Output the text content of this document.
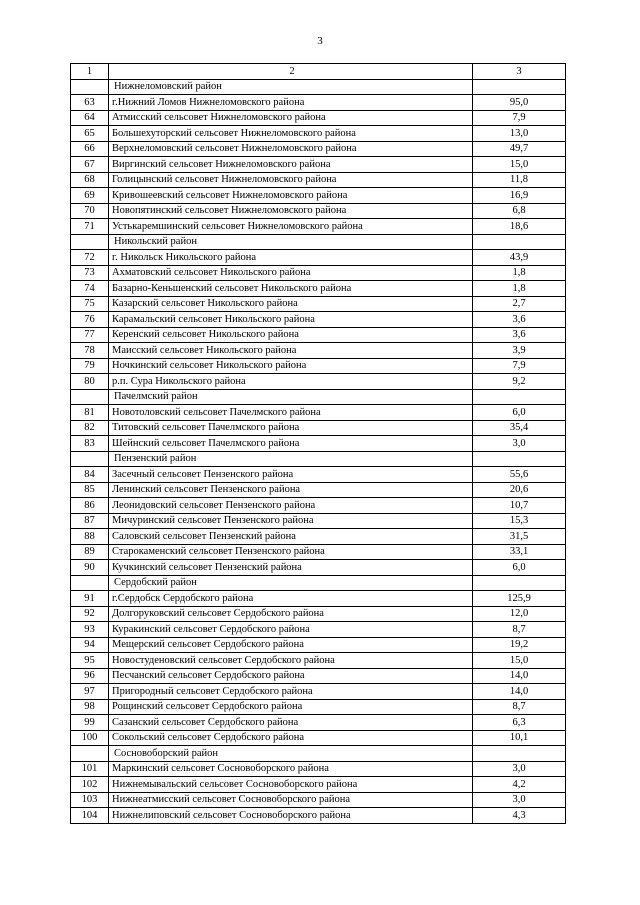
3
1	2	3
	Нижнеломовский район	
63	г.Нижний Ломов Нижнеломовского района	95,0
64	Атмисский сельсовет Нижнеломовского района	7,9
65	Большехуторский сельсовет Нижнеломовского района	13,0
66	Верхнеломовский сельсовет Нижнеломовского района	49,7
67	Виргинский сельсовет Нижнеломовского района	15,0
68	Голицынский сельсовет Нижнеломовского района	11,8
69	Кривошеевский сельсовет Нижнеломовского района	16,9
70	Новопятинский сельсовет Нижнеломовского района	6,8
71	Устькаремшинский сельсовет Нижнеломовского района	18,6
	Никольский район	
72	г. Никольск Никольского района	43,9
73	Ахматовский сельсовет Никольского района	1,8
74	Базарно-Кеньшенский сельсовет Никольского района	1,8
75	Казарский сельсовет Никольского района	2,7
76	Карамальский сельсовет Никольского района	3,6
77	Керенский сельсовет Никольского района	3,6
78	Маисский сельсовет Никольского района	3,9
79	Ночкинский сельсовет Никольского района	7,9
80	р.п. Сура Никольского района	9,2
	Пачелмский район	
81	Новотоловский сельсовет Пачелмского района	6,0
82	Титовский сельсовет Пачелмского района	35,4
83	Шейнский сельсовет Пачелмского района	3,0
	Пензенский район	
84	Засечный сельсовет Пензенского района	55,6
85	Ленинский сельсовет Пензенского района	20,6
86	Леонидовский сельсовет Пензенского района	10,7
87	Мичуринский сельсовет Пензенского района	15,3
88	Саловский сельсовет Пензенский района	31,5
89	Старокаменский сельсовет Пензенского района	33,1
90	Кучкинский сельсовет Пензенский района	6,0
	Сердобский район	
91	г.Сердобск Сердобского района	125,9
92	Долгоруковский сельсовет Сердобского района	12,0
93	Куракинский сельсовет Сердобского района	8,7
94	Мещерский сельсовет Сердобского района	19,2
95	Новостуденовский сельсовет Сердобского района	15,0
96	Песчанский сельсовет Сердобского района	14,0
97	Пригородный сельсовет Сердобского района	14,0
98	Рощинский сельсовет Сердобского района	8,7
99	Сазанский сельсовет Сердобского района	6,3
100	Сокольский сельсовет Сердобского района	10,1
	Сосновоборский район	
101	Маркинский сельсовет Сосновоборского района	3,0
102	Нижнемывальский сельсовет Сосновоборского района	4,2
103	Нижнеатмисский сельсовет Сосновоборского района	3,0
104	Нижнелиповский сельсовет Сосновоборского района	4,3
